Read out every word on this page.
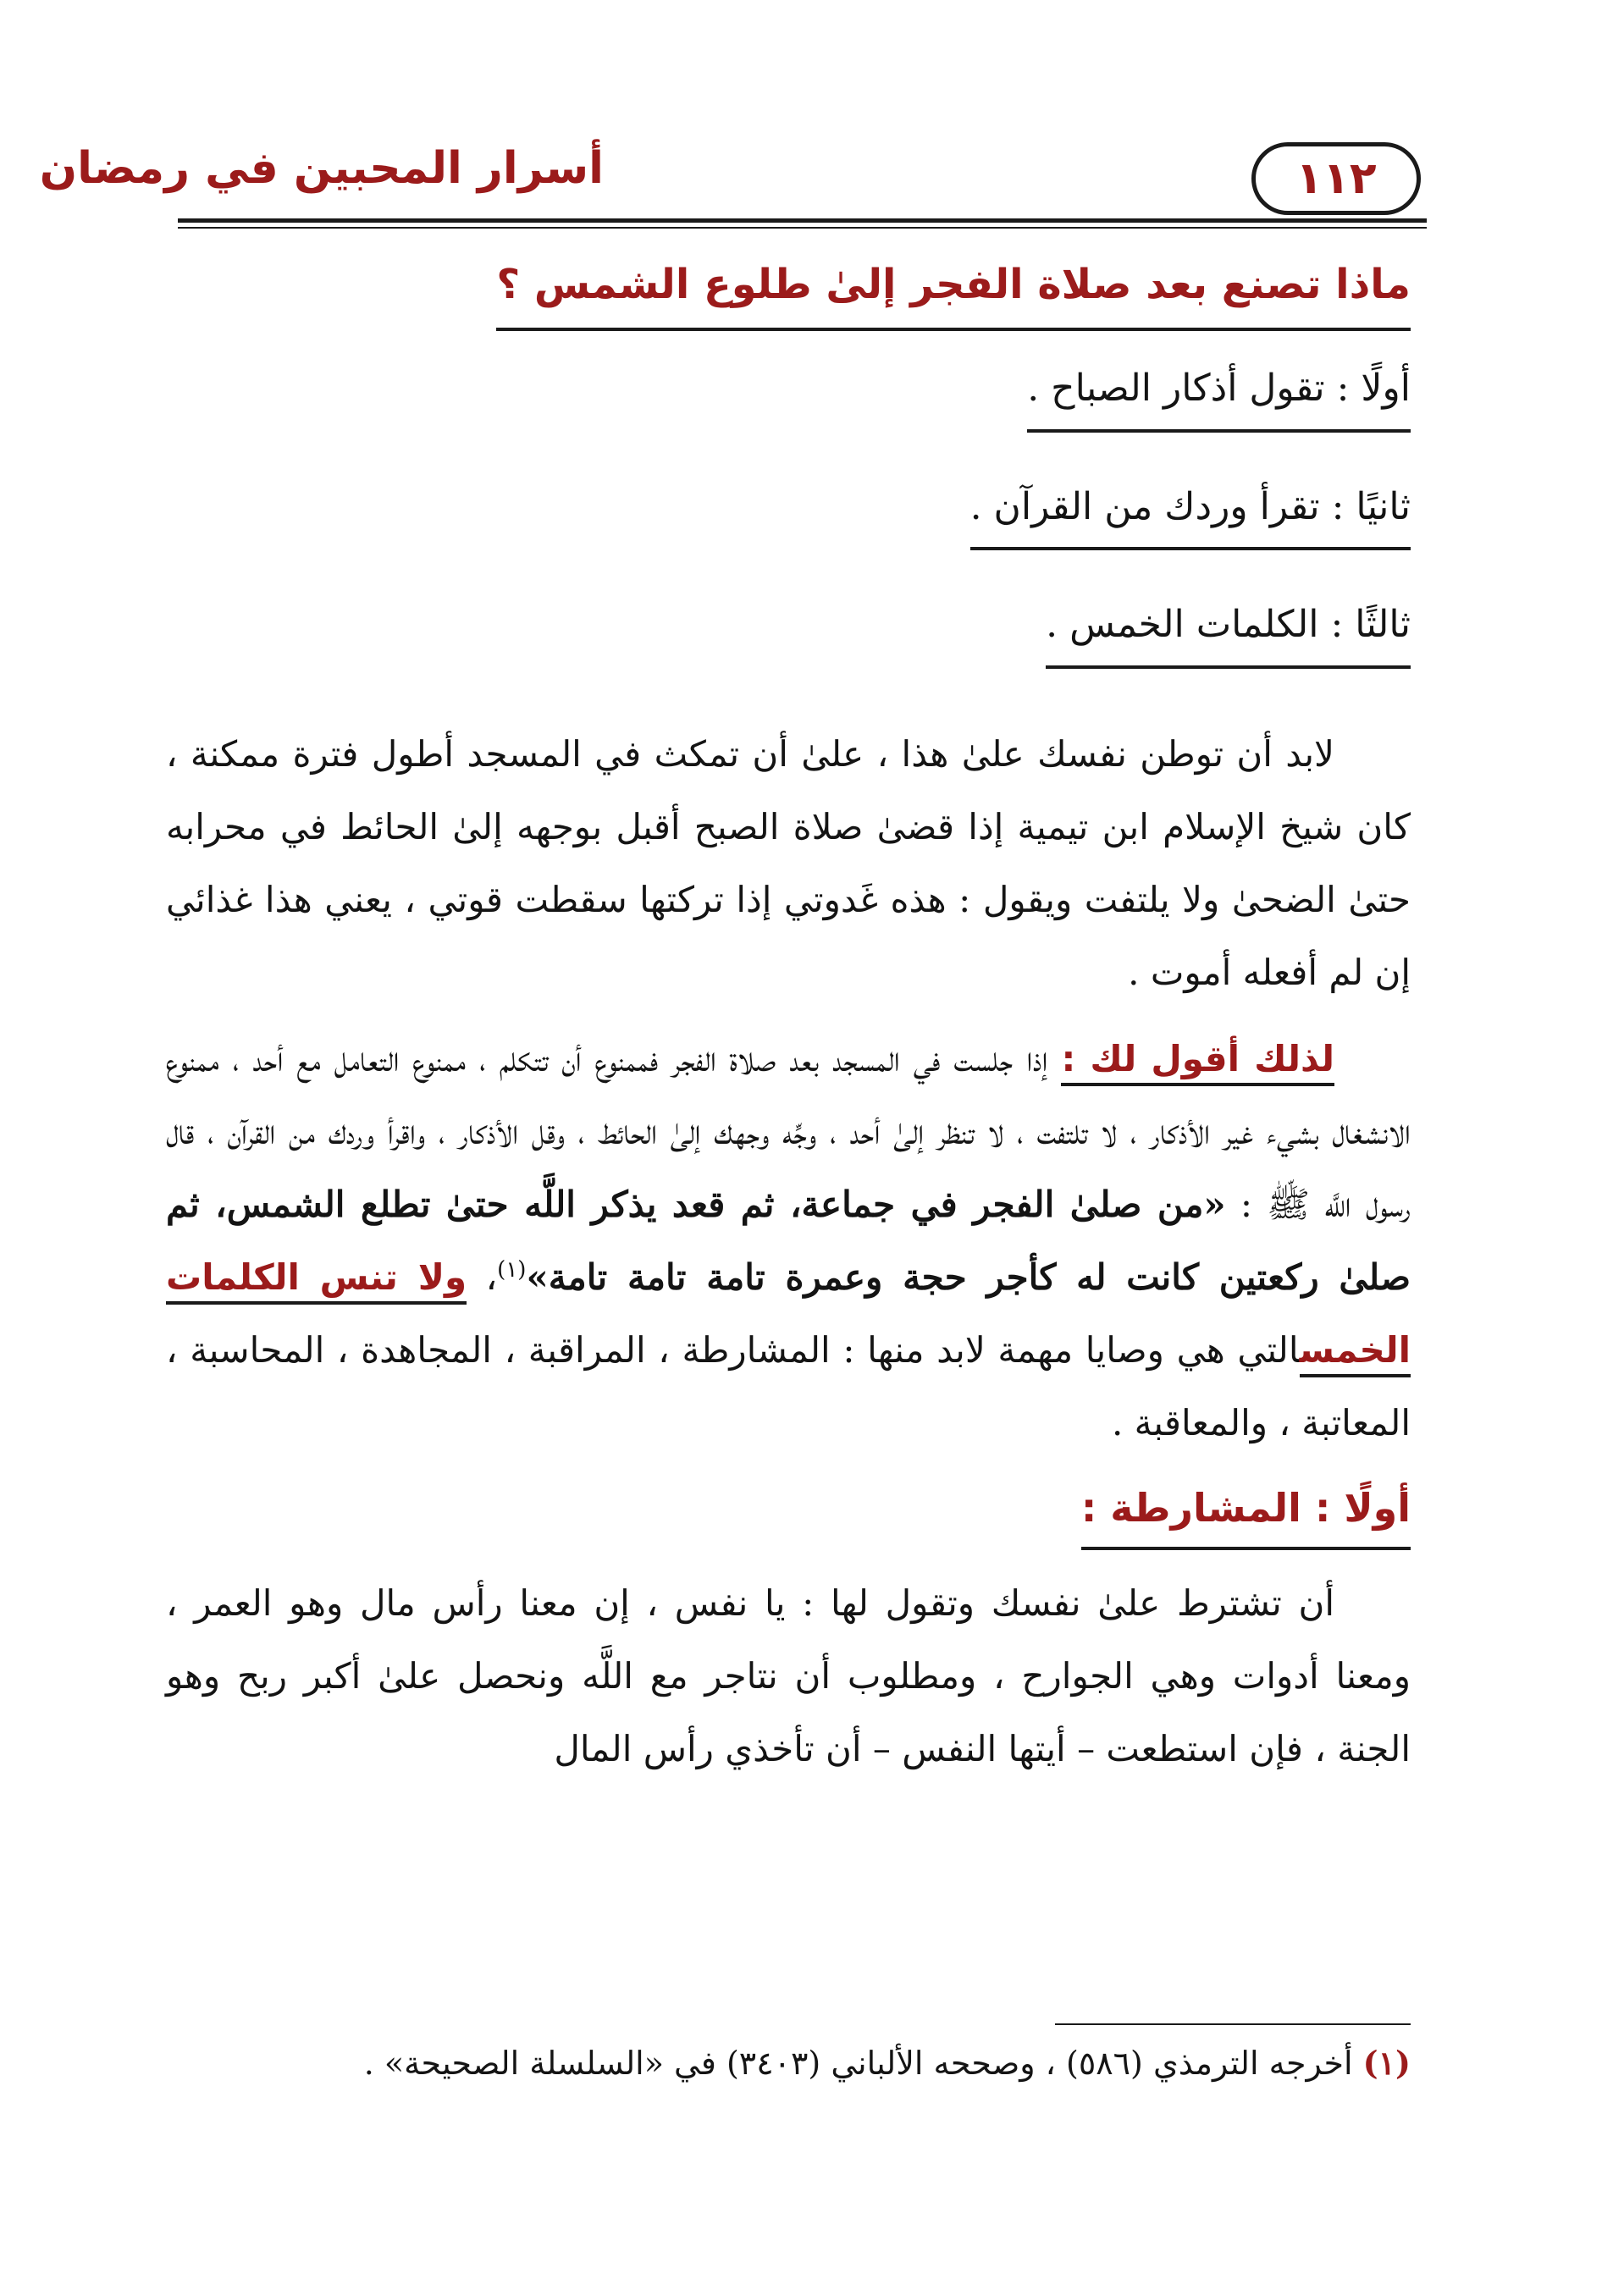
أسرار المحبين في رمضان	١١٢
ماذا تصنع بعد صلاة الفجر إلىٰ طلوع الشمس ؟
أولًا : تقول أذكار الصباح .
ثانيًا : تقرأ وردك من القرآن .
ثالثًا : الكلمات الخمس .

لابد أن توطن نفسك علىٰ هذا ، علىٰ أن تمكث في المسجد أطول فترة ممكنة ، كان شيخ الإسلام ابن تيمية إذا قضىٰ صلاة الصبح أقبل بوجهه إلىٰ الحائط في محرابه حتىٰ الضحىٰ ولا يلتفت ويقول : هذه غَدوتي إذا تركتها سقطت قوتي ، يعني هذا غذائي إن لم أفعله أموت .

لذلك أقول لك : إذا جلست في المسجد بعد صلاة الفجر فممنوع أن تتكلم ، ممنوع التعامل مع أحد ، ممنوع الانشغال بشيء غير الأذكار ، لا تلتفت ، لا تنظر إلىٰ أحد ، وجِّه وجهك إلىٰ الحائط ، وقل الأذكار ، واقرأ وردك من القرآن ، قال رسول اللَّه ﷺ : «من صلىٰ الفجر في جماعة، ثم قعد يذكر اللَّه حتىٰ تطلع الشمس، ثم صلىٰ ركعتين كانت له كأجر حجة وعمرة تامة تامة تامة»$^{(١)}$، ولا تنس الكلمات الخمسالتي هي وصايا مهمة لابد منها : المشارطة ، المراقبة ، المجاهدة ، المحاسبة ، المعاتبة ، والمعاقبة .

أولًا : المشارطة :

أن تشترط علىٰ نفسك وتقول لها : يا نفس ، إن معنا رأس مال وهو العمر ، ومعنا أدوات وهي الجوارح ، ومطلوب أن نتاجر مع اللَّه ونحصل علىٰ أكبر ربح وهو الجنة ، فإن استطعت – أيتها النفس – أن تأخذي رأس المال

(١) أخرجه الترمذي (٥٨٦) ، وصححه الألباني (٣٤٠٣) في «السلسلة الصحيحة» .
